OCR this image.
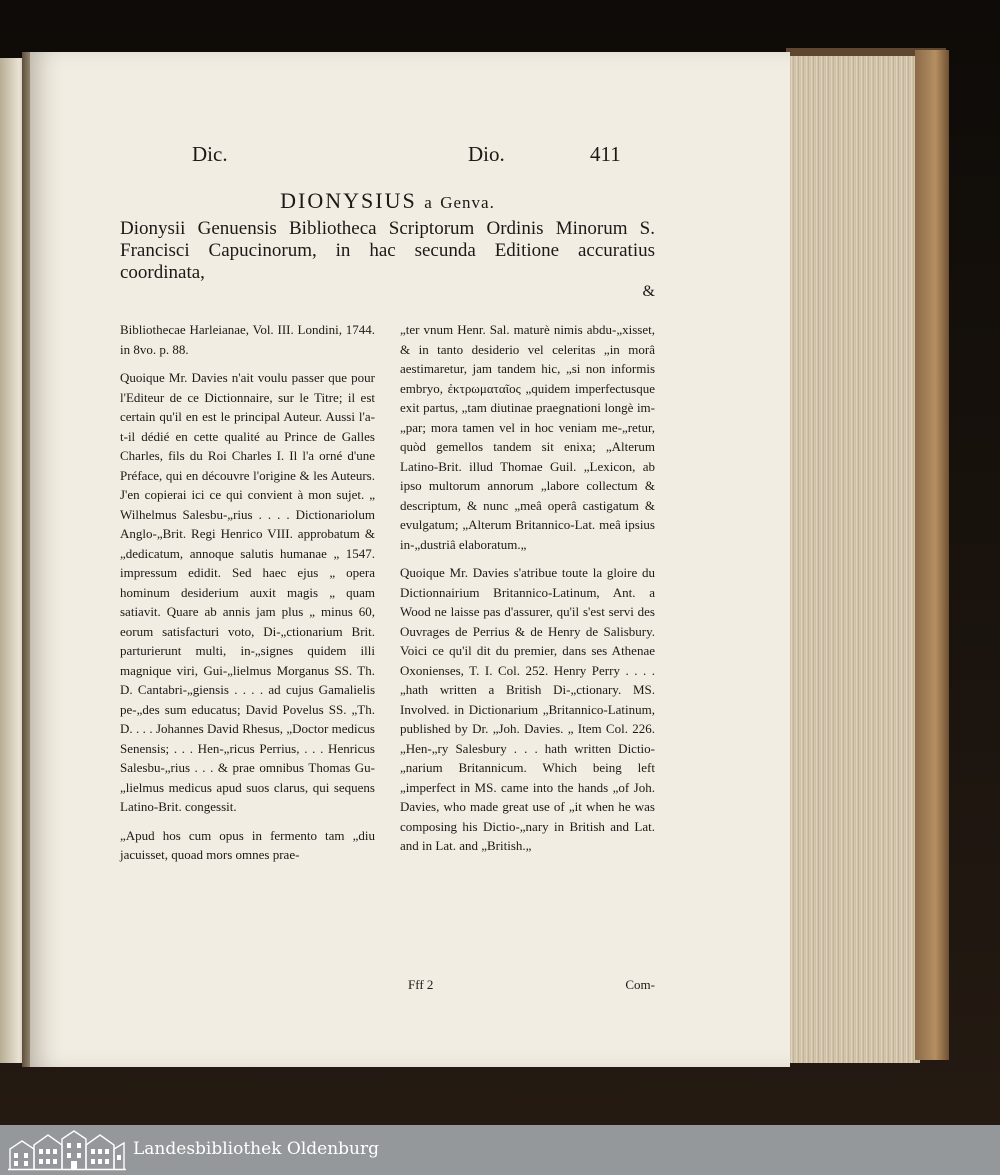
Dic.	Dio.	411
DIONYSIUS a Genva.
Dionysii Genuensis Bibliotheca Scriptorum Ordinis Minorum S. Francisci Capucinorum, in hac secunda Editione accuratius coordinata,
&

Bibliothecae Harleianae, Vol. III. Londini, 1744. in 8vo. p. 88.

Quoique Mr. Davies n'ait voulu passer que pour l'Editeur de ce Dictionnaire, sur le Titre; il est certain qu'il en est le principal Auteur. Aussi l'a-t-il dédié en cette qualité au Prince de Galles Charles, fils du Roi Charles I. Il l'a orné d'une Préface, qui en découvre l'origine & les Auteurs. J'en copierai ici ce qui convient à mon sujet. „ Wilhelmus Salesbu-„rius . . . . Dictionariolum Anglo-„Brit. Regi Henrico VIII. approbatum & „dedicatum, annoque salutis humanae „ 1547. impressum edidit. Sed haec ejus „ opera hominum desiderium auxit magis „ quam satiavit. Quare ab annis jam plus „ minus 60, eorum satisfacturi voto, Di-„ctionarium Brit. parturierunt multi, in-„signes quidem illi magnique viri, Gui-„lielmus Morganus SS. Th. D. Cantabri-„giensis . . . . ad cujus Gamalielis pe-„des sum educatus; David Povelus SS. „Th. D. . . . Johannes David Rhesus, „Doctor medicus Senensis; . . . Hen-„ricus Perrius, . . . Henricus Salesbu-„rius . . . & prae omnibus Thomas Gu-„lielmus medicus apud suos clarus, qui sequens Latino-Brit. congessit.

„Apud hos cum opus in fermento tam „diu jacuisset, quoad mors omnes prae-

„ter vnum Henr. Sal. maturè nimis abdu-„xisset, & in tanto desiderio vel celeritas „in morâ aestimaretur, jam tandem hic, „si non informis embryo, ἐκτρωματαῖος „quidem imperfectusque exit partus, „tam diutinae praegnationi longè im-„par; mora tamen vel in hoc veniam me-„retur, quòd gemellos tandem sit enixa; „Alterum Latino-Brit. illud Thomae Guil. „Lexicon, ab ipso multorum annorum „labore collectum & descriptum, & nunc „meâ operâ castigatum & evulgatum; „Alterum Britannico-Lat. meâ ipsius in-„dustriâ elaboratum.„

Quoique Mr. Davies s'atribue toute la gloire du Dictionnairium Britannico-Latinum, Ant. a Wood ne laisse pas d'assurer, qu'il s'est servi des Ouvrages de Perrius & de Henry de Salisbury. Voici ce qu'il dit du premier, dans ses Athenae Oxonienses, T. I. Col. 252. Henry Perry . . . . „hath written a British Di-„ctionary. MS. Involved. in Dictionarium „Britannico-Latinum, published by Dr. „Joh. Davies. „ Item Col. 226. „Hen-„ry Salesbury . . . hath written Dictio-„narium Britannicum. Which being left „imperfect in MS. came into the hands „of Joh. Davies, who made great use of „it when he was composing his Dictio-„nary in British and Lat. and in Lat. and „British.„

Fff 2	Com-
Landesbibliothek Oldenburg
